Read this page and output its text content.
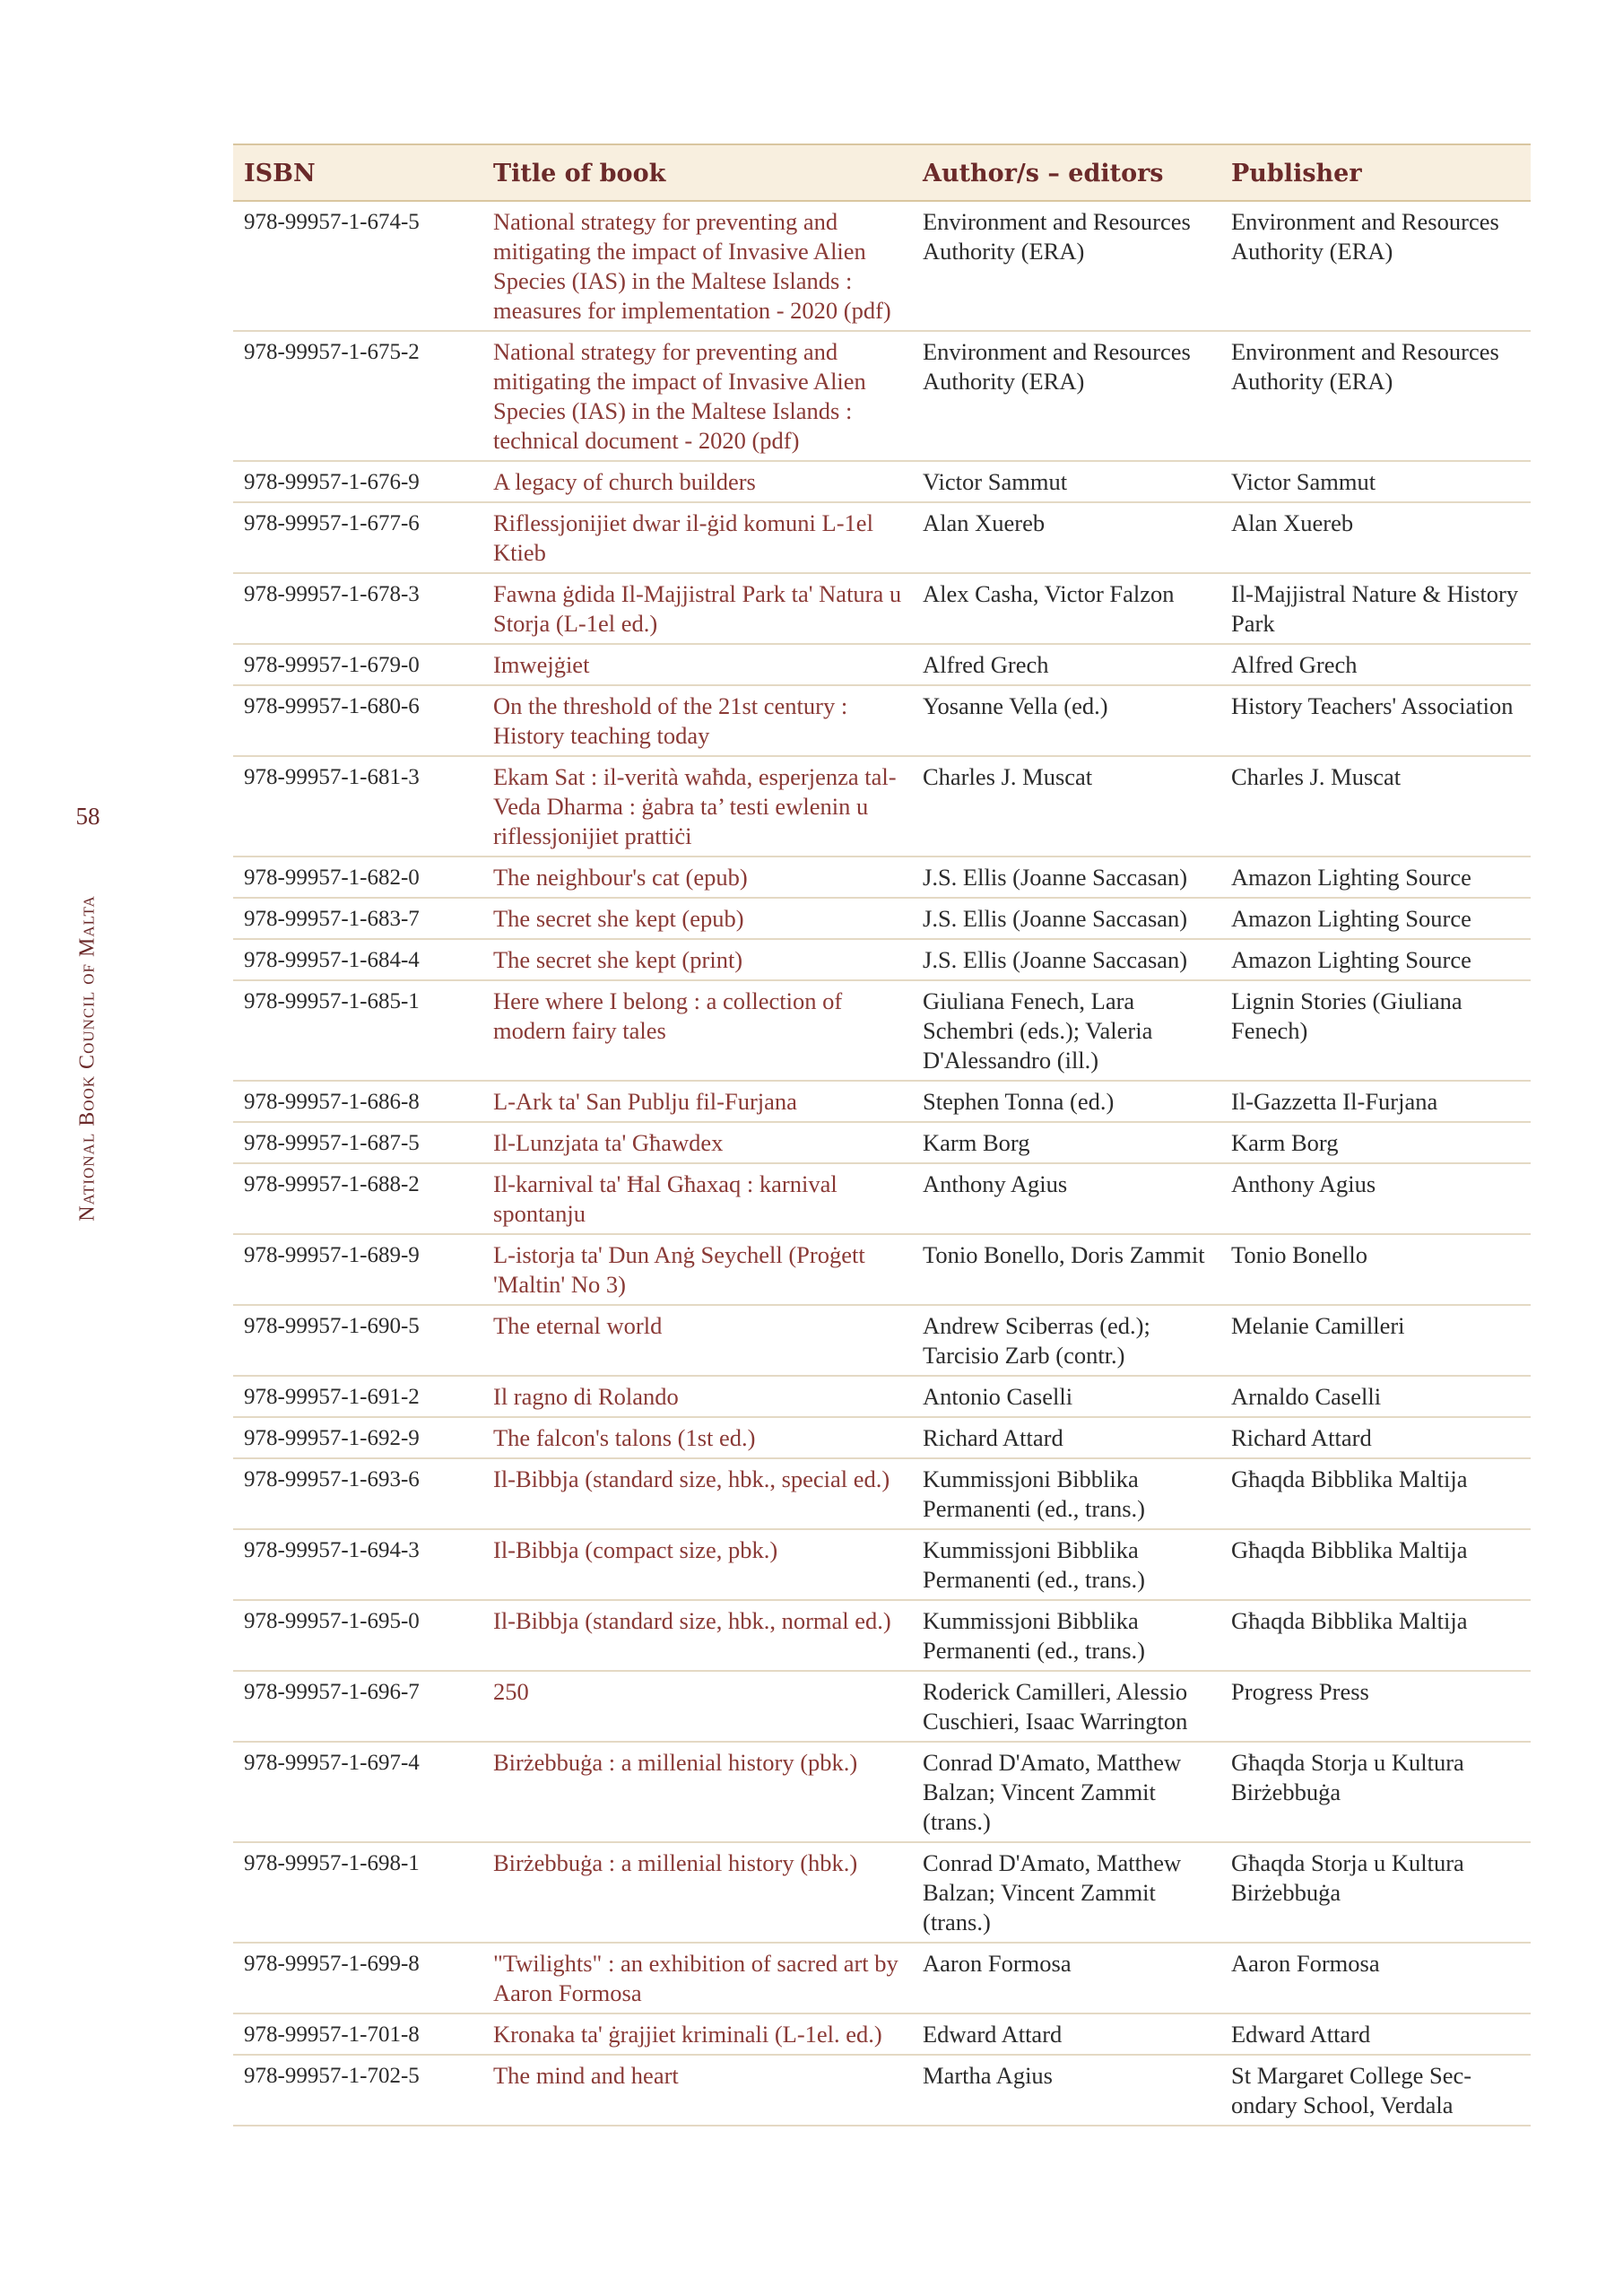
58
National Book Council of Malta
ISBN	Title of book	Author/s – editors	Publisher
978-99957-1-674-5	National strategy for preventing and mitigating the impact of Invasive Alien Species (IAS) in the Maltese Islands : measures for implementation - 2020 (pdf)	Environment and Resources Authority (ERA)	Environment and Resources Authority (ERA)
978-99957-1-675-2	National strategy for preventing and mitigating the impact of Invasive Alien Species (IAS) in the Maltese Islands : technical document - 2020 (pdf)	Environment and Resources Authority (ERA)	Environment and Resources Authority (ERA)
978-99957-1-676-9	A legacy of church builders	Victor Sammut	Victor Sammut
978-99957-1-677-6	Riflessjonijiet dwar il-ġid komuni L-1el Ktieb	Alan Xuereb	Alan Xuereb
978-99957-1-678-3	Fawna ġdida Il-Majjistral Park ta' Natura u Storja (L-1el ed.)	Alex Casha, Victor Falzon	Il-Majjistral Nature & History Park
978-99957-1-679-0	Imwejġiet	Alfred Grech	Alfred Grech
978-99957-1-680-6	On the threshold of the 21st century : History teaching today	Yosanne Vella (ed.)	History Teachers' Association
978-99957-1-681-3	Ekam Sat : il-verità waħda, esperjenza tal-Veda Dharma : ġabra ta’ testi ewlenin u riflessjonijiet prattiċi	Charles J. Muscat	Charles J. Muscat
978-99957-1-682-0	The neighbour's cat (epub)	J.S. Ellis (Joanne Saccasan)	Amazon Lighting Source
978-99957-1-683-7	The secret she kept (epub)	J.S. Ellis (Joanne Saccasan)	Amazon Lighting Source
978-99957-1-684-4	The secret she kept (print)	J.S. Ellis (Joanne Saccasan)	Amazon Lighting Source
978-99957-1-685-1	Here where I belong : a collection of modern fairy tales	Giuliana Fenech, Lara Schembri (eds.); Valeria D'Alessandro (ill.)	Lignin Stories (Giuliana Fenech)
978-99957-1-686-8	L-Ark ta' San Publju fil-Furjana	Stephen Tonna (ed.)	Il-Gazzetta Il-Furjana
978-99957-1-687-5	Il-Lunzjata ta' Għawdex	Karm Borg	Karm Borg
978-99957-1-688-2	Il-karnival ta' Ħal Għaxaq : karnival spontanju	Anthony Agius	Anthony Agius
978-99957-1-689-9	L-istorja ta' Dun Anġ Seychell (Proġett 'Maltin' No 3)	Tonio Bonello, Doris Zammit	Tonio Bonello
978-99957-1-690-5	The eternal world	Andrew Sciberras (ed.); Tarcisio Zarb (contr.)	Melanie Camilleri
978-99957-1-691-2	Il ragno di Rolando	Antonio Caselli	Arnaldo Caselli
978-99957-1-692-9	The falcon's talons (1st ed.)	Richard Attard	Richard Attard
978-99957-1-693-6	Il-Bibbja (standard size, hbk., special ed.)	Kummissjoni Bibblika Permanenti (ed., trans.)	Għaqda Bibblika Maltija
978-99957-1-694-3	Il-Bibbja (compact size, pbk.)	Kummissjoni Bibblika Permanenti (ed., trans.)	Għaqda Bibblika Maltija
978-99957-1-695-0	Il-Bibbja (standard size, hbk., normal ed.)	Kummissjoni Bibblika Permanenti (ed., trans.)	Għaqda Bibblika Maltija
978-99957-1-696-7	250	Roderick Camilleri, Alessio Cuschieri, Isaac Warrington	Progress Press
978-99957-1-697-4	Birżebbuġa : a millenial history (pbk.)	Conrad D'Amato, Matthew Balzan; Vincent Zammit (trans.)	Għaqda Storja u Kultura Birżebbuġa
978-99957-1-698-1	Birżebbuġa : a millenial history (hbk.)	Conrad D'Amato, Matthew Balzan; Vincent Zammit (trans.)	Għaqda Storja u Kultura Birżebbuġa
978-99957-1-699-8	"Twilights" : an exhibition of sacred art by Aaron Formosa	Aaron Formosa	Aaron Formosa
978-99957-1-701-8	Kronaka ta' ġrajjiet kriminali (L-1el. ed.)	Edward Attard	Edward Attard
978-99957-1-702-5	The mind and heart	Martha Agius	St Margaret College Secondary School, Verdala
